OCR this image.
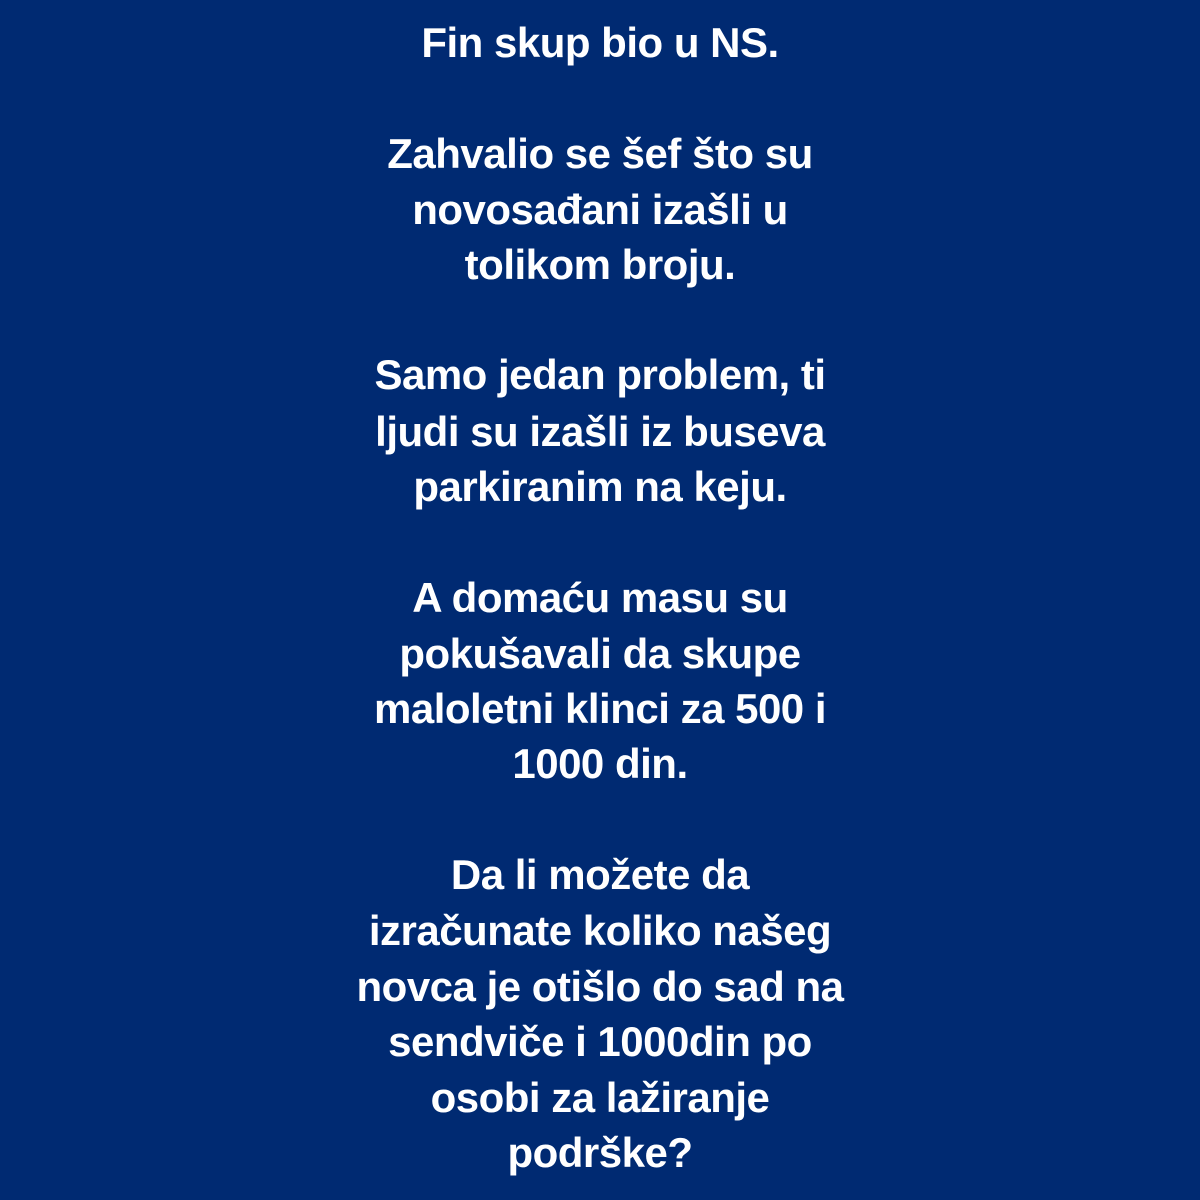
Fin skup bio u NS.
Zahvalio se šef što su
novosađani izašli u
tolikom broju.
Samo jedan problem, ti
ljudi su izašli iz buseva
parkiranim na keju.
A domaću masu su
pokušavali da skupe
maloletni klinci za 500 i
1000 din.
Da li možete da
izračunate koliko našeg
novca je otišlo do sad na
sendviče i 1000din po
osobi za lažiranje
podrške?
